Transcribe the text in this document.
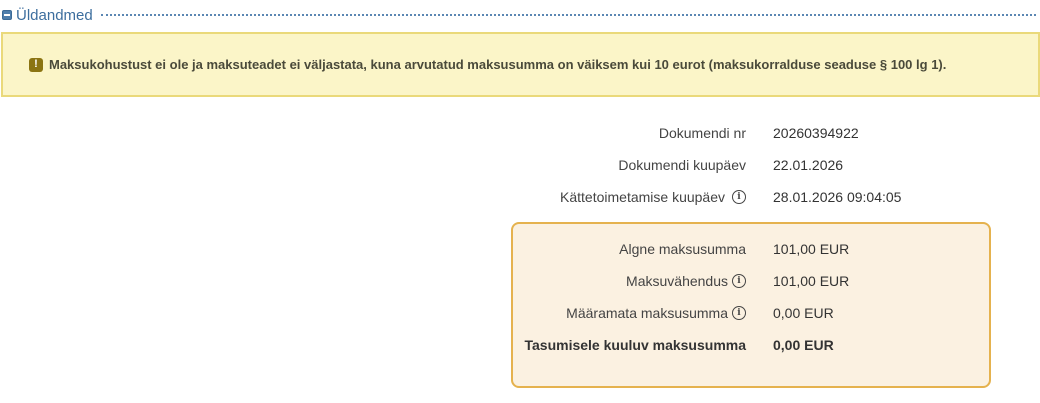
Üldandmed
! Maksukohustust ei ole ja maksuteadet ei väljastata, kuna arvutatud maksusumma on väiksem kui 10 eurot (maksukorralduse seaduse § 100 lg 1).
Dokumendi nr 20260394922
Dokumendi kuupäev 22.01.2026
Kättetoimetamise kuupäev	i	28.01.2026 09:04:05
Algne maksusumma 101,00 EUR
Maksuvähendus	i	101,00 EUR
Määramata maksusumma	i	0,00 EUR
Tasumisele kuuluv maksusumma 0,00 EUR
